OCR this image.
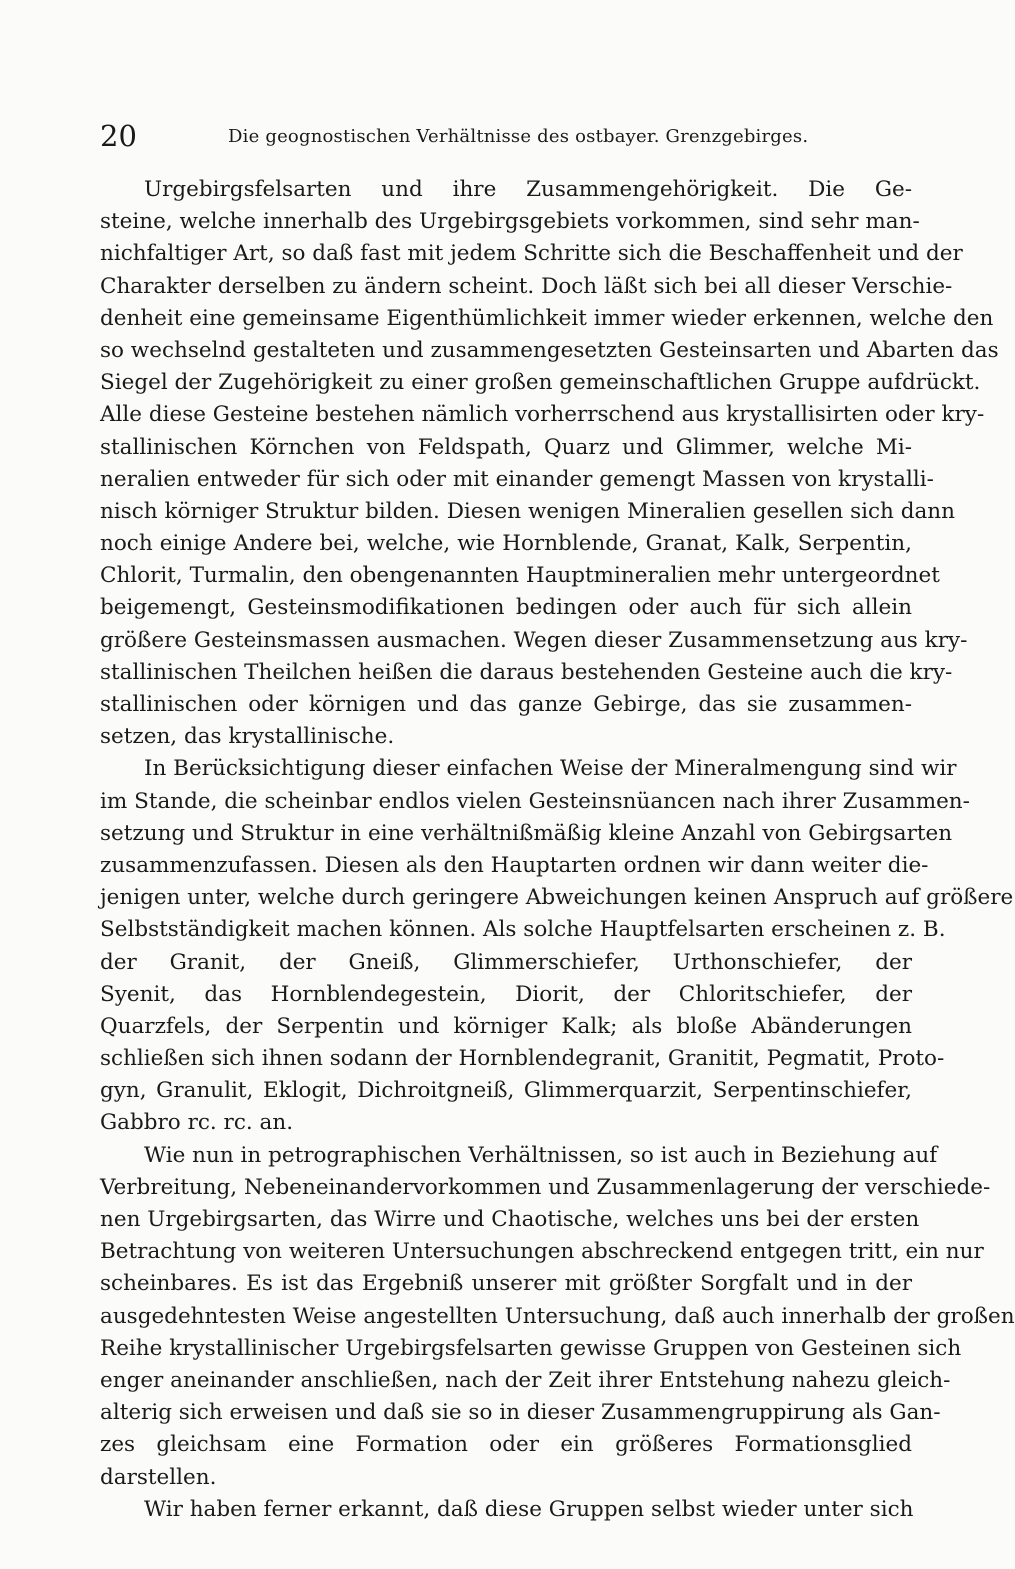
20	Die geognostischen Verhältnisse des ostbayer. Grenzgebirges.
Urgebirgsfelsarten und ihre Zusammengehörigkeit. Die Ge-
steine, welche innerhalb des Urgebirgsgebiets vorkommen, sind sehr man-
nichfaltiger Art, so daß fast mit jedem Schritte sich die Beschaffenheit und der
Charakter derselben zu ändern scheint. Doch läßt sich bei all dieser Verschie-
denheit eine gemeinsame Eigenthümlichkeit immer wieder erkennen, welche den
so wechselnd gestalteten und zusammengesetzten Gesteinsarten und Abarten das
Siegel der Zugehörigkeit zu einer großen gemeinschaftlichen Gruppe aufdrückt.
Alle diese Gesteine bestehen nämlich vorherrschend aus krystallisirten oder kry-
stallinischen Körnchen von Feldspath, Quarz und Glimmer, welche Mi-
neralien entweder für sich oder mit einander gemengt Massen von krystalli-
nisch körniger Struktur bilden. Diesen wenigen Mineralien gesellen sich dann
noch einige Andere bei, welche, wie Hornblende, Granat, Kalk, Serpentin,
Chlorit, Turmalin, den obengenannten Hauptmineralien mehr untergeordnet
beigemengt, Gesteinsmodifikationen bedingen oder auch für sich allein
größere Gesteinsmassen ausmachen. Wegen dieser Zusammensetzung aus kry-
stallinischen Theilchen heißen die daraus bestehenden Gesteine auch die kry-
stallinischen oder körnigen und das ganze Gebirge, das sie zusammen-
setzen, das krystallinische.
In Berücksichtigung dieser einfachen Weise der Mineralmengung sind wir
im Stande, die scheinbar endlos vielen Gesteinsnüancen nach ihrer Zusammen-
setzung und Struktur in eine verhältnißmäßig kleine Anzahl von Gebirgsarten
zusammenzufassen. Diesen als den Hauptarten ordnen wir dann weiter die-
jenigen unter, welche durch geringere Abweichungen keinen Anspruch auf größere
Selbstständigkeit machen können. Als solche Hauptfelsarten erscheinen z. B.
der Granit, der Gneiß, Glimmerschiefer, Urthonschiefer, der
Syenit, das Hornblendegestein, Diorit, der Chloritschiefer, der
Quarzfels, der Serpentin und körniger Kalk; als bloße Abänderungen
schließen sich ihnen sodann der Hornblendegranit, Granitit, Pegmatit, Proto-
gyn, Granulit, Eklogit, Dichroitgneiß, Glimmerquarzit, Serpentinschiefer,
Gabbro rc. rc. an.
Wie nun in petrographischen Verhältnissen, so ist auch in Beziehung auf
Verbreitung, Nebeneinandervorkommen und Zusammenlagerung der verschiede-
nen Urgebirgsarten, das Wirre und Chaotische, welches uns bei der ersten
Betrachtung von weiteren Untersuchungen abschreckend entgegen tritt, ein nur
scheinbares. Es ist das Ergebniß unserer mit größter Sorgfalt und in der
ausgedehntesten Weise angestellten Untersuchung, daß auch innerhalb der großen
Reihe krystallinischer Urgebirgsfelsarten gewisse Gruppen von Gesteinen sich
enger aneinander anschließen, nach der Zeit ihrer Entstehung nahezu gleich-
alterig sich erweisen und daß sie so in dieser Zusammengruppirung als Gan-
zes gleichsam eine Formation oder ein größeres Formationsglied
darstellen.
Wir haben ferner erkannt, daß diese Gruppen selbst wieder unter sich
